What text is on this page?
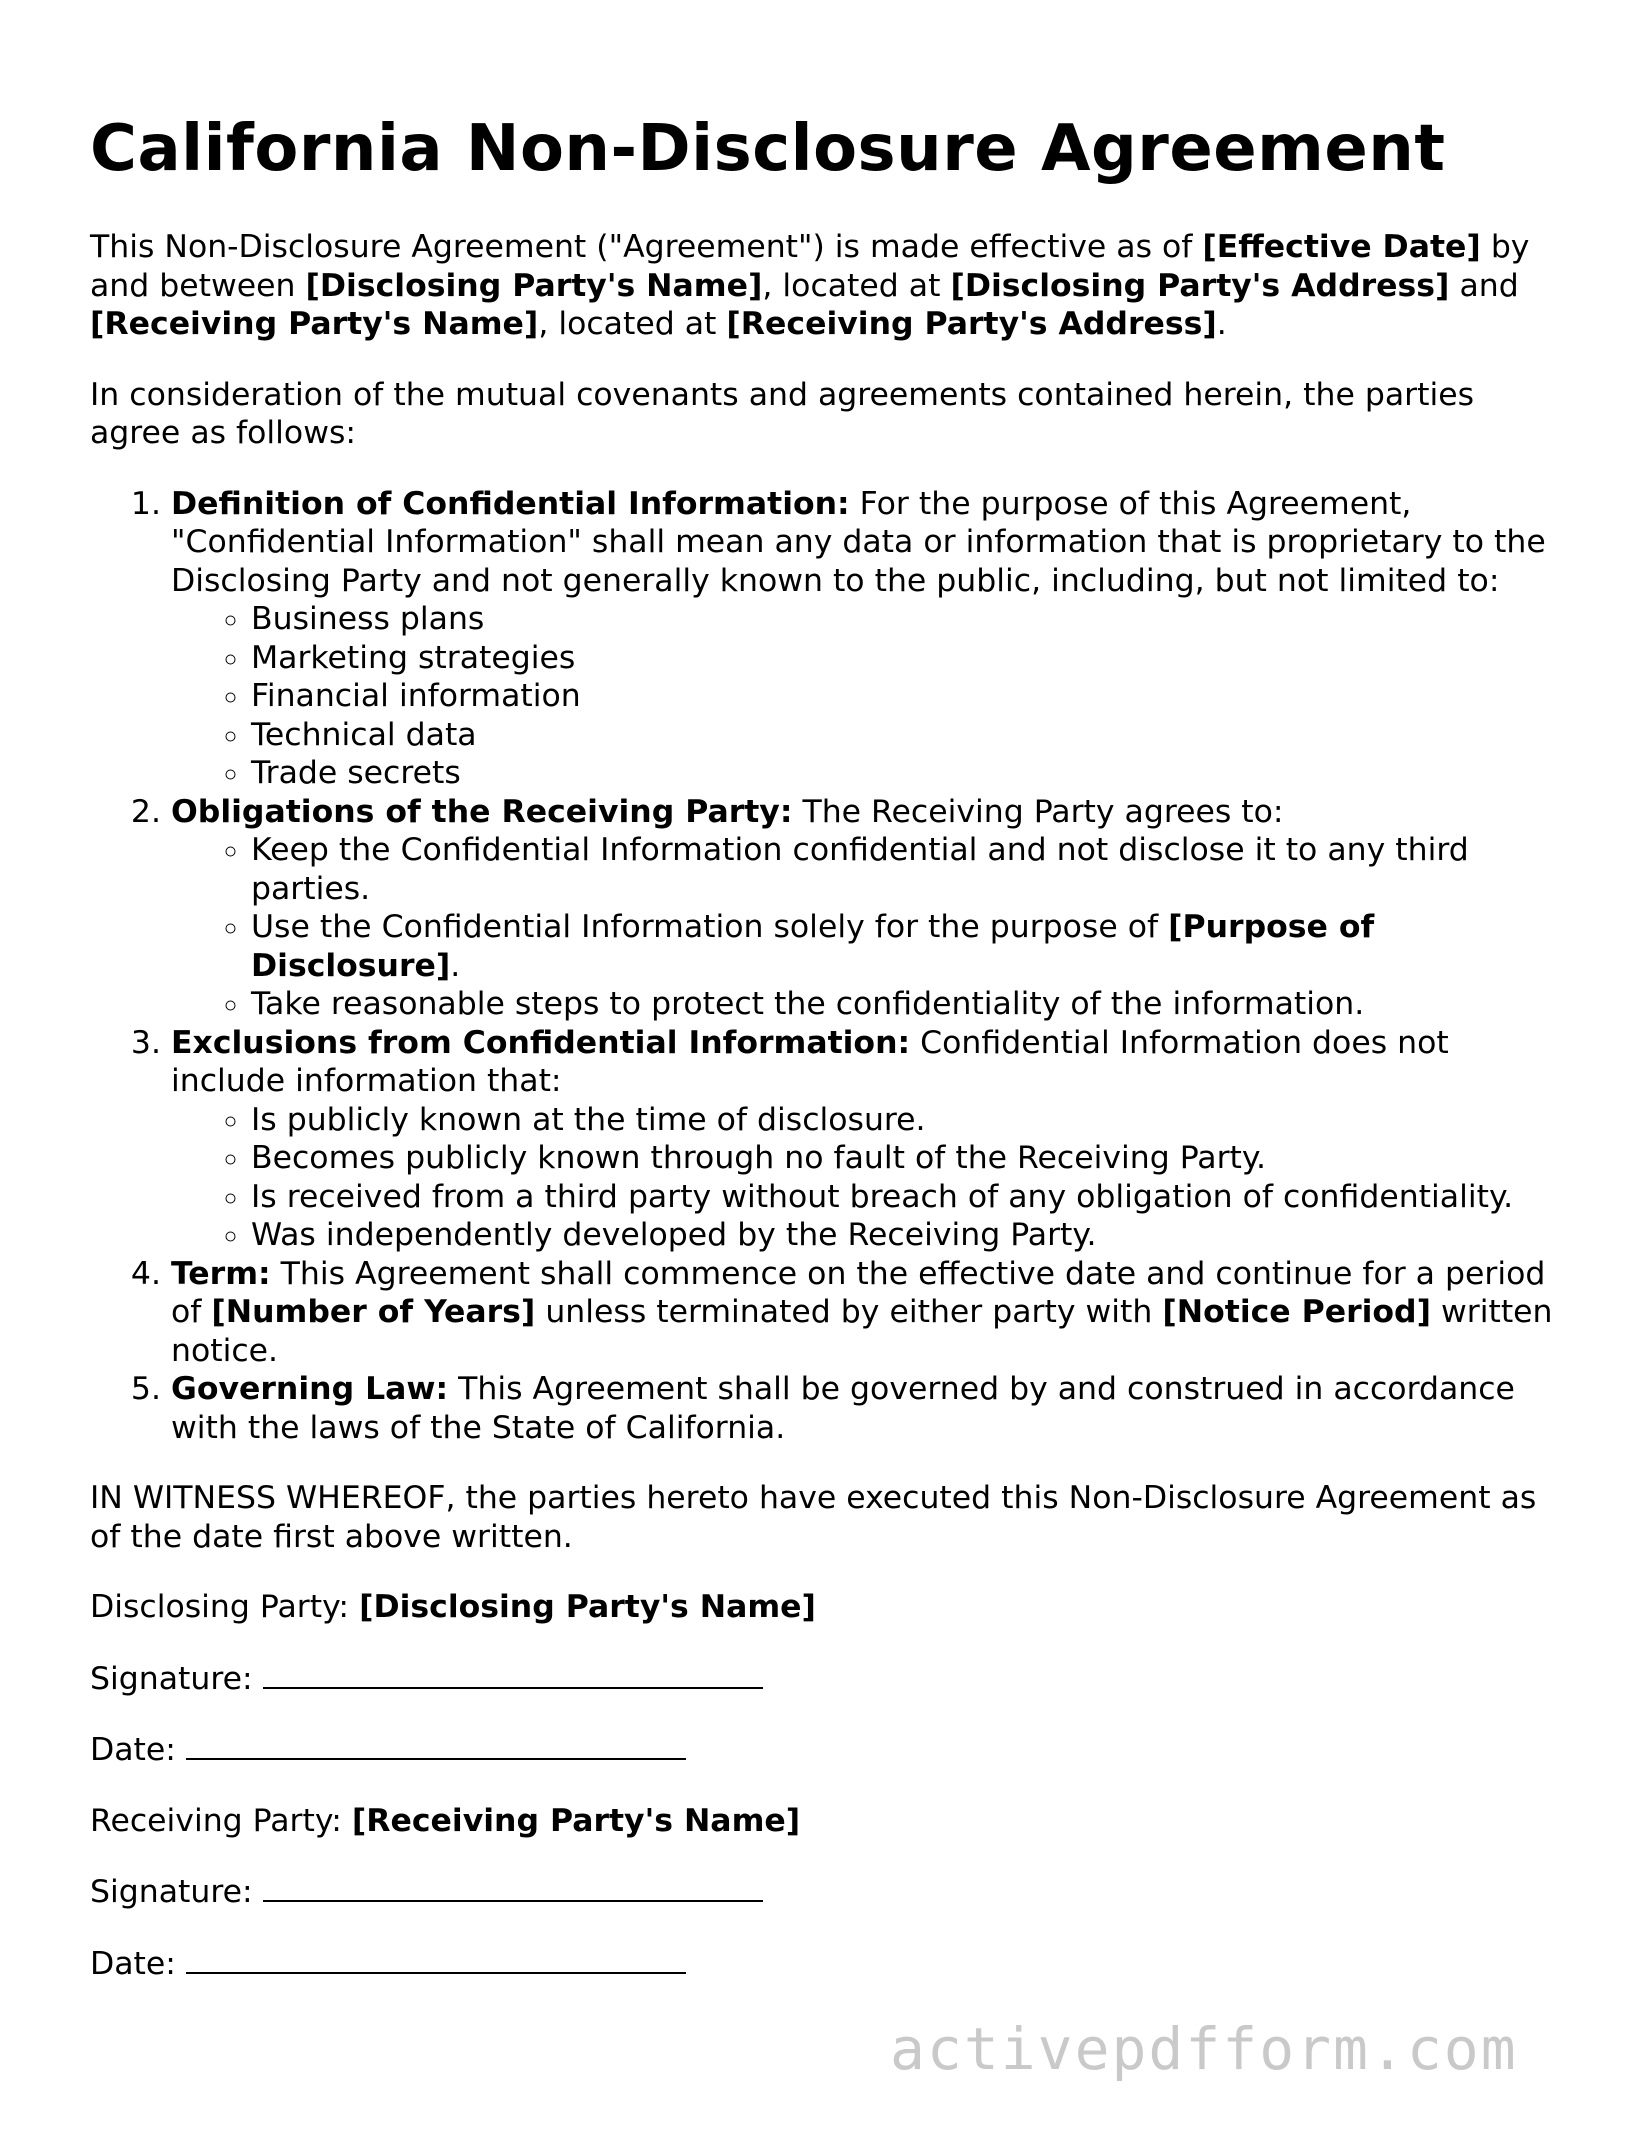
California Non-Disclosure Agreement

This Non-Disclosure Agreement ("Agreement") is made effective as of [Effective Date] by and between [Disclosing Party's Name], located at [Disclosing Party's Address] and [Receiving Party's Name], located at [Receiving Party's Address].

In consideration of the mutual covenants and agreements contained herein, the parties agree as follows:

1. Definition of Confidential Information: For the purpose of this Agreement, "Confidential Information" shall mean any data or information that is proprietary to the Disclosing Party and not generally known to the public, including, but not limited to:
◦ Business plans
◦ Marketing strategies
◦ Financial information
◦ Technical data
◦ Trade secrets
2. Obligations of the Receiving Party: The Receiving Party agrees to:
◦ Keep the Confidential Information confidential and not disclose it to any third parties.
◦ Use the Confidential Information solely for the purpose of [Purpose of Disclosure].
◦ Take reasonable steps to protect the confidentiality of the information.
3. Exclusions from Confidential Information: Confidential Information does not include information that:
◦ Is publicly known at the time of disclosure.
◦ Becomes publicly known through no fault of the Receiving Party.
◦ Is received from a third party without breach of any obligation of confidentiality.
◦ Was independently developed by the Receiving Party.
4. Term: This Agreement shall commence on the effective date and continue for a period of [Number of Years] unless terminated by either party with [Notice Period] written notice.
5. Governing Law: This Agreement shall be governed by and construed in accordance with the laws of the State of California.

IN WITNESS WHEREOF, the parties hereto have executed this Non-Disclosure Agreement as of the date first above written.

Disclosing Party: [Disclosing Party's Name]

Signature:

Date:

Receiving Party: [Receiving Party's Name]

Signature:

Date:

activepdfform.com
